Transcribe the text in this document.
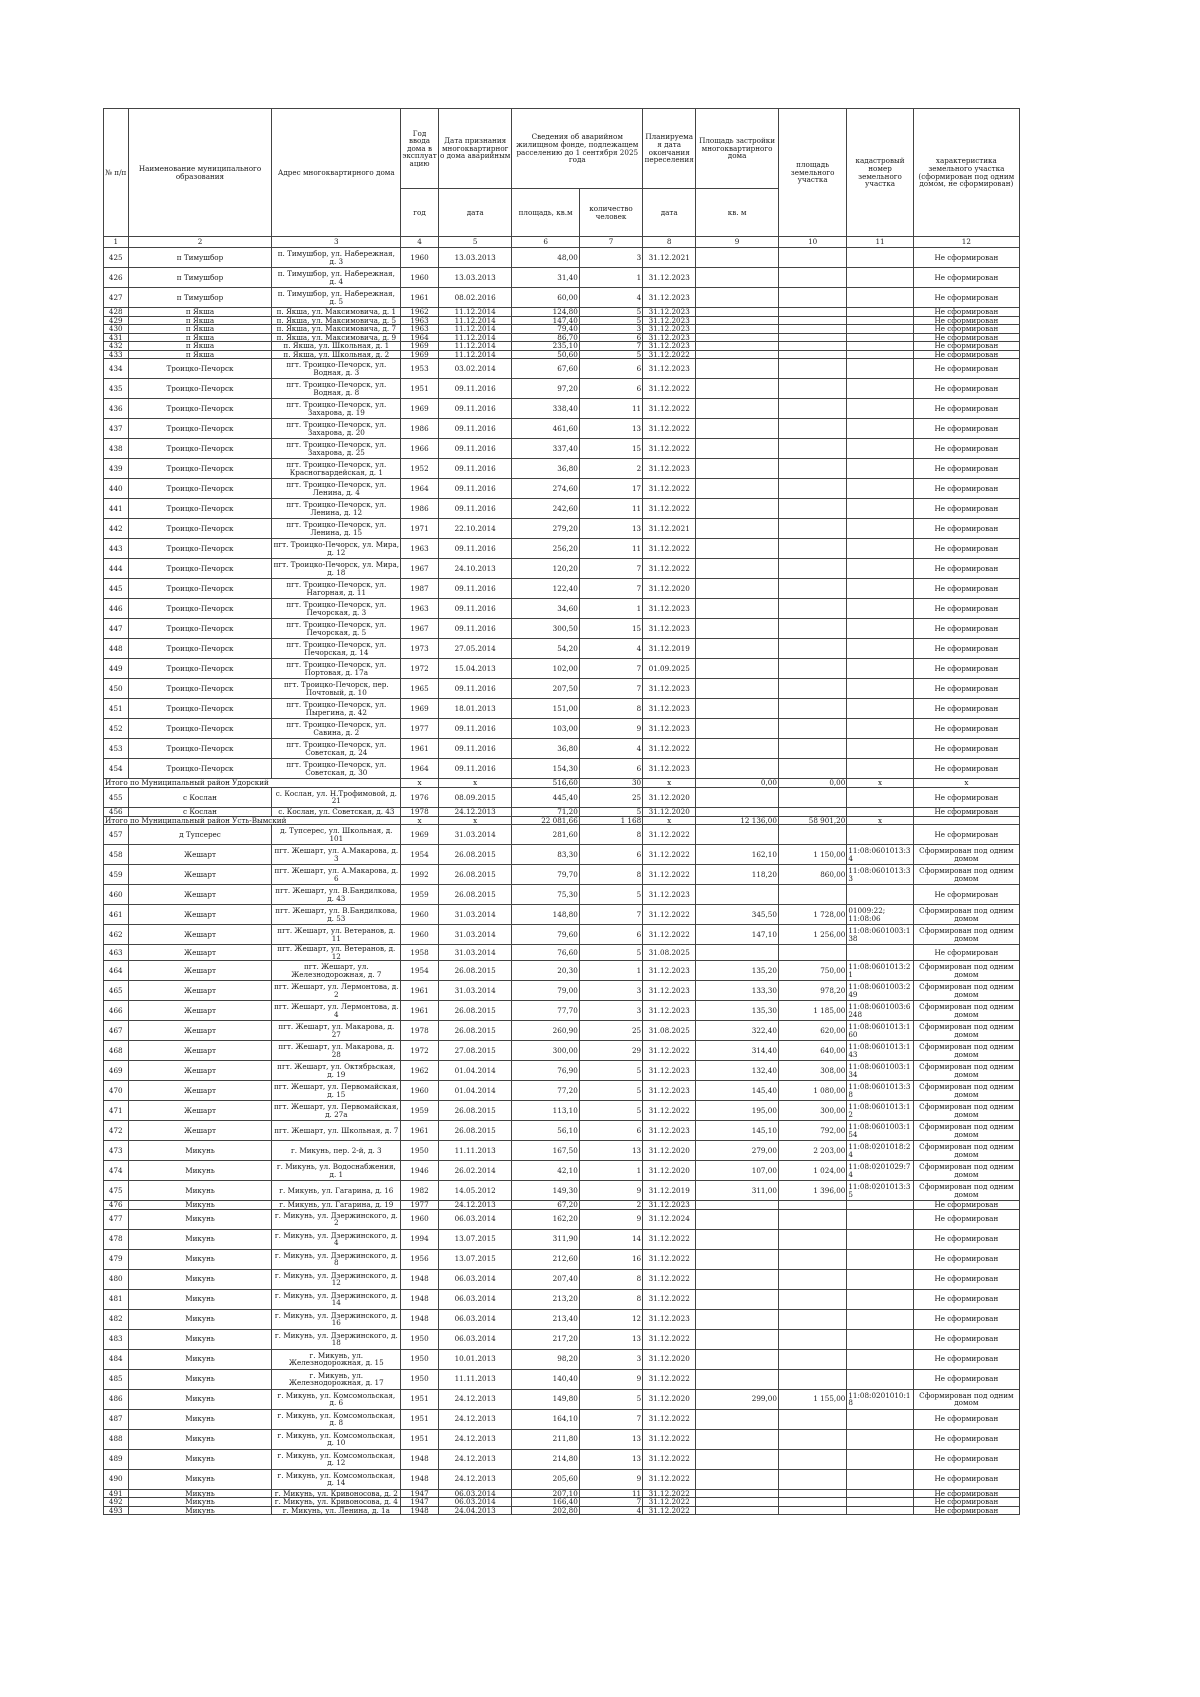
№ п/п	Наименование муниципального образования	Адрес многоквартирного дома	Год ввода дома в эксплуатацию	Дата признания многоквартирного дома аварийным	Сведения об аварийном жилищном фонде, подлежащем расселению до 1 сентября 2025 года		Планируемая дата окончания переселения	Площадь застройки многоквартирного дома	площадь земельного участка	кадастровый номер земельного участка	характеристика земельного участка (сформирован под одним домом, не сформирован)
			год	дата	площадь, кв.м	количество человек	дата	кв. м			
1	2	3	4	5	6	7	8	9	10	11	12
425	п Тимушбор	п. Тимушбор, ул. Набережная, д. 3	1960	13.03.2013	48,00	3	31.12.2021				Не сформирован
426	п Тимушбор	п. Тимушбор, ул. Набережная, д. 4	1960	13.03.2013	31,40	1	31.12.2023				Не сформирован
427	п Тимушбор	п. Тимушбор, ул. Набережная, д. 5	1961	08.02.2016	60,00	4	31.12.2023				Не сформирован
428	п Якша	п. Якша, ул. Максимовича, д. 1	1962	11.12.2014	124,80	5	31.12.2023				Не сформирован
429	п Якша	п. Якша, ул. Максимовича, д. 5	1963	11.12.2014	147,40	5	31.12.2023				Не сформирован
430	п Якша	п. Якша, ул. Максимовича, д. 7	1963	11.12.2014	79,40	3	31.12.2023				Не сформирован
431	п Якша	п. Якша, ул. Максимовича, д. 9	1964	11.12.2014	86,70	6	31.12.2023				Не сформирован
432	п Якша	п. Якша, ул. Школьная, д. 1	1969	11.12.2014	235,10	7	31.12.2023				Не сформирован
433	п Якша	п. Якша, ул. Школьная, д. 2	1969	11.12.2014	50,60	5	31.12.2022				Не сформирован
434	Троицко-Печорск	пгт. Троицко-Печорск, ул. Водная, д. 3	1953	03.02.2014	67,60	6	31.12.2023				Не сформирован
435	Троицко-Печорск	пгт. Троицко-Печорск, ул. Водная, д. 8	1951	09.11.2016	97,20	6	31.12.2022				Не сформирован
436	Троицко-Печорск	пгт. Троицко-Печорск, ул. Захарова, д. 19	1969	09.11.2016	338,40	11	31.12.2022				Не сформирован
437	Троицко-Печорск	пгт. Троицко-Печорск, ул. Захарова, д. 20	1986	09.11.2016	461,60	13	31.12.2022				Не сформирован
438	Троицко-Печорск	пгт. Троицко-Печорск, ул. Захарова, д. 25	1966	09.11.2016	337,40	15	31.12.2022				Не сформирован
439	Троицко-Печорск	пгт. Троицко-Печорск, ул. Красногвардейская, д. 1	1952	09.11.2016	36,80	2	31.12.2023				Не сформирован
440	Троицко-Печорск	пгт. Троицко-Печорск, ул. Ленина, д. 4	1964	09.11.2016	274,60	17	31.12.2022				Не сформирован
441	Троицко-Печорск	пгт. Троицко-Печорск, ул. Ленина, д. 12	1986	09.11.2016	242,60	11	31.12.2022				Не сформирован
442	Троицко-Печорск	пгт. Троицко-Печорск, ул. Ленина, д. 15	1971	22.10.2014	279,20	13	31.12.2021				Не сформирован
443	Троицко-Печорск	пгт. Троицко-Печорск, ул. Мира, д. 12	1963	09.11.2016	256,20	11	31.12.2022				Не сформирован
444	Троицко-Печорск	пгт. Троицко-Печорск, ул. Мира, д. 18	1967	24.10.2013	120,20	7	31.12.2022				Не сформирован
445	Троицко-Печорск	пгт. Троицко-Печорск, ул. Нагорная, д. 11	1987	09.11.2016	122,40	7	31.12.2020				Не сформирован
446	Троицко-Печорск	пгт. Троицко-Печорск, ул. Печорская, д. 3	1963	09.11.2016	34,60	1	31.12.2023				Не сформирован
447	Троицко-Печорск	пгт. Троицко-Печорск, ул. Печорская, д. 5	1967	09.11.2016	300,50	15	31.12.2023				Не сформирован
448	Троицко-Печорск	пгт. Троицко-Печорск, ул. Печорская, д. 14	1973	27.05.2014	54,20	4	31.12.2019				Не сформирован
449	Троицко-Печорск	пгт. Троицко-Печорск, ул. Портовая, д. 17а	1972	15.04.2013	102,00	7	01.09.2025				Не сформирован
450	Троицко-Печорск	пгт. Троицко-Печорск, пер. Почтовый, д. 10	1965	09.11.2016	207,50	7	31.12.2023				Не сформирован
451	Троицко-Печорск	пгт. Троицко-Печорск, ул. Пырегина, д. 42	1969	18.01.2013	151,00	8	31.12.2023				Не сформирован
452	Троицко-Печорск	пгт. Троицко-Печорск, ул. Савина, д. 2	1977	09.11.2016	103,00	9	31.12.2023				Не сформирован
453	Троицко-Печорск	пгт. Троицко-Печорск, ул. Советская, д. 24	1961	09.11.2016	36,80	4	31.12.2022				Не сформирован
454	Троицко-Печорск	пгт. Троицко-Печорск, ул. Советская, д. 30	1964	09.11.2016	154,30	6	31.12.2023				Не сформирован
Итого по Муниципальный район Удорский			х	х	516,60	30	х	0,00	0,00	х	х
455	с Кослан	с. Кослан, ул. Н.Трофимовой, д. 21	1976	08.09.2015	445,40	25	31.12.2020				Не сформирован
456	с Кослан	с. Кослан, ул. Советская, д. 43	1978	24.12.2013	71,20	5	31.12.2020				Не сформирован
Итого по Муниципальный район Усть-Вымский			х	х	22 081,66	1 168	х	12 136,00	58 901,20	х	
457	д Тупсерес	д. Тупсерес, ул. Школьная, д. 101	1969	31.03.2014	281,60	8	31.12.2022				Не сформирован
458	Жешарт	пгт. Жешарт, ул. А.Макарова, д. 3	1954	26.08.2015	83,30	6	31.12.2022	162,10	1 150,00	11:08:0601013:34	Сформирован под одним домом
459	Жешарт	пгт. Жешарт, ул. А.Макарова, д. 6	1992	26.08.2015	79,70	8	31.12.2022	118,20	860,00	11:08:0601013:33	Сформирован под одним домом
460	Жешарт	пгт. Жешарт, ул. В.Бандилкова, д. 43	1959	26.08.2015	75,30	5	31.12.2023				Не сформирован
461	Жешарт	пгт. Жешарт, ул. В.Бандилкова, д. 53	1960	31.03.2014	148,80	7	31.12.2022	345,50	1 728,00	01009:22; 11:08:06	Сформирован под одним домом
462	Жешарт	пгт. Жешарт, ул. Ветеранов, д. 11	1960	31.03.2014	79,60	6	31.12.2022	147,10	1 256,00	11:08:0601003:138	Сформирован под одним домом
463	Жешарт	пгт. Жешарт, ул. Ветеранов, д. 12	1958	31.03.2014	76,60	5	31.08.2025				Не сформирован
464	Жешарт	пгт. Жешарт, ул. Железнодорожная, д. 7	1954	26.08.2015	20,30	1	31.12.2023	135,20	750,00	11:08:0601013:21	Сформирован под одним домом
465	Жешарт	пгт. Жешарт, ул. Лермонтова, д. 2	1961	31.03.2014	79,00	3	31.12.2023	133,30	978,20	11:08:0601003:249	Сформирован под одним домом
466	Жешарт	пгт. Жешарт, ул. Лермонтова, д. 4	1961	26.08.2015	77,70	3	31.12.2023	135,30	1 185,00	11:08:0601003:6248	Сформирован под одним домом
467	Жешарт	пгт. Жешарт, ул. Макарова, д. 27	1978	26.08.2015	260,90	25	31.08.2025	322,40	620,00	11:08:0601013:160	Сформирован под одним домом
468	Жешарт	пгт. Жешарт, ул. Макарова, д. 28	1972	27.08.2015	300,00	29	31.12.2022	314,40	640,00	11:08:0601013:143	Сформирован под одним домом
469	Жешарт	пгт. Жешарт, ул. Октябрьская, д. 19	1962	01.04.2014	76,90	5	31.12.2023	132,40	308,00	11:08:0601003:134	Сформирован под одним домом
470	Жешарт	пгт. Жешарт, ул. Первомайская, д. 15	1960	01.04.2014	77,20	5	31.12.2023	145,40	1 080,00	11:08:0601013:38	Сформирован под одним домом
471	Жешарт	пгт. Жешарт, ул. Первомайская, д. 27а	1959	26.08.2015	113,10	5	31.12.2022	195,00	300,00	11:08:0601013:12	Сформирован под одним домом
472	Жешарт	пгт. Жешарт, ул. Школьная, д. 7	1961	26.08.2015	56,10	6	31.12.2023	145,10	792,00	11:08:0601003:154	Сформирован под одним домом
473	Микунь	г. Микунь, пер. 2-й, д. 3	1950	11.11.2013	167,50	13	31.12.2020	279,00	2 203,00	11:08:0201018:24	Сформирован под одним домом
474	Микунь	г. Микунь, ул. Водоснабжения, д. 1	1946	26.02.2014	42,10	1	31.12.2020	107,00	1 024,00	11:08:0201029:74	Сформирован под одним домом
475	Микунь	г. Микунь, ул. Гагарина, д. 16	1982	14.05.2012	149,30	9	31.12.2019	311,00	1 396,00	11:08:0201013:35	Сформирован под одним домом
476	Микунь	г. Микунь, ул. Гагарина, д. 19	1977	24.12.2013	67,20	2	31.12.2023				Не сформирован
477	Микунь	г. Микунь, ул. Дзержинского, д. 2	1960	06.03.2014	162,20	9	31.12.2024				Не сформирован
478	Микунь	г. Микунь, ул. Дзержинского, д. 4	1994	13.07.2015	311,90	14	31.12.2022				Не сформирован
479	Микунь	г. Микунь, ул. Дзержинского, д. 8	1956	13.07.2015	212,60	16	31.12.2022				Не сформирован
480	Микунь	г. Микунь, ул. Дзержинского, д. 12	1948	06.03.2014	207,40	8	31.12.2022				Не сформирован
481	Микунь	г. Микунь, ул. Дзержинского, д. 14	1948	06.03.2014	213,20	8	31.12.2022				Не сформирован
482	Микунь	г. Микунь, ул. Дзержинского, д. 16	1948	06.03.2014	213,40	12	31.12.2023				Не сформирован
483	Микунь	г. Микунь, ул. Дзержинского, д. 18	1950	06.03.2014	217,20	13	31.12.2022				Не сформирован
484	Микунь	г. Микунь, ул. Железнодорожная, д. 15	1950	10.01.2013	98,20	3	31.12.2020				Не сформирован
485	Микунь	г. Микунь, ул. Железнодорожная, д. 17	1950	11.11.2013	140,40	9	31.12.2022				Не сформирован
486	Микунь	г. Микунь, ул. Комсомольская, д. 6	1951	24.12.2013	149,80	5	31.12.2020	299,00	1 155,00	11:08:0201010:18	Сформирован под одним домом
487	Микунь	г. Микунь, ул. Комсомольская, д. 8	1951	24.12.2013	164,10	7	31.12.2022				Не сформирован
488	Микунь	г. Микунь, ул. Комсомольская, д. 10	1951	24.12.2013	211,80	13	31.12.2022				Не сформирован
489	Микунь	г. Микунь, ул. Комсомольская, д. 12	1948	24.12.2013	214,80	13	31.12.2022				Не сформирован
490	Микунь	г. Микунь, ул. Комсомольская, д. 14	1948	24.12.2013	205,60	9	31.12.2022				Не сформирован
491	Микунь	г. Микунь, ул. Кривоносова, д. 2	1947	06.03.2014	207,10	11	31.12.2022				Не сформирован
492	Микунь	г. Микунь, ул. Кривоносова, д. 4	1947	06.03.2014	166,40	7	31.12.2022				Не сформирован
493	Микунь	г. Микунь, ул. Ленина, д. 1а	1948	24.04.2013	202,80	4	31.12.2022				Не сформирован
